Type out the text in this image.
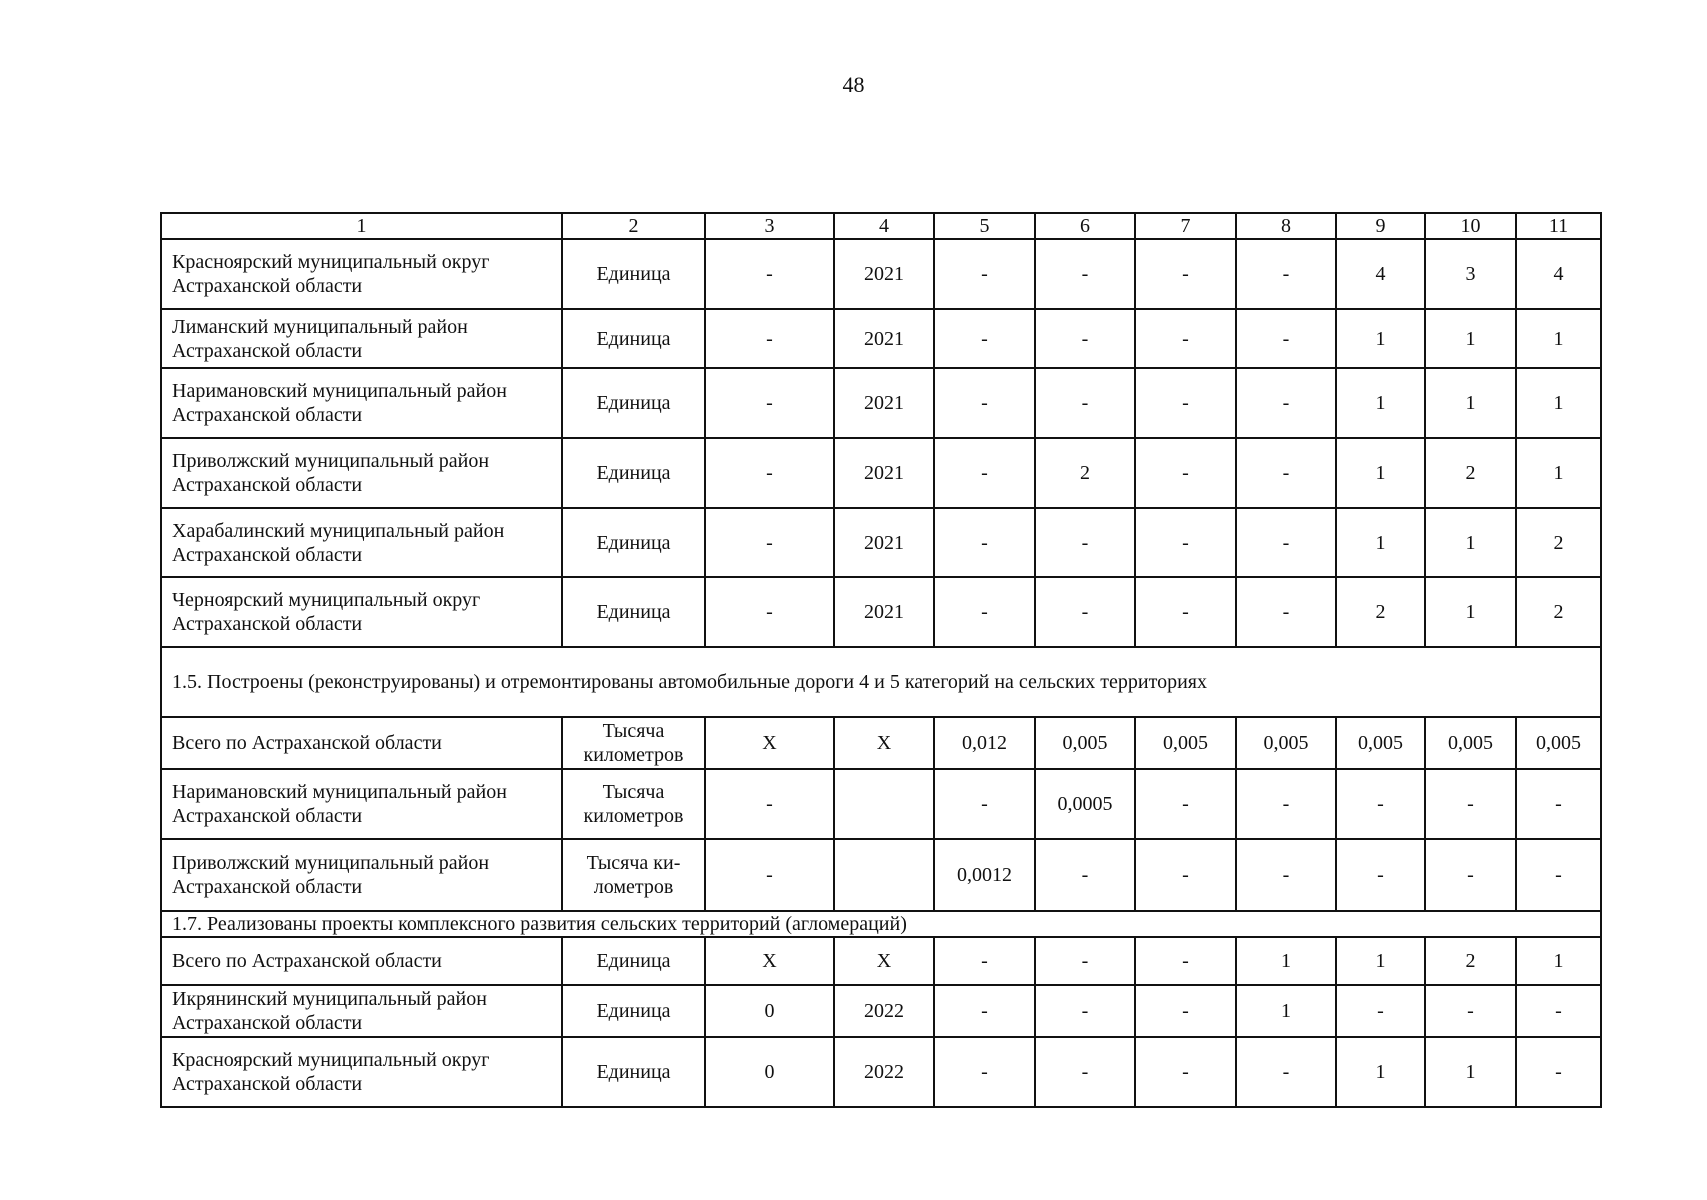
48
1	2	3	4	5	6	7	8	9	10	11
Красноярский муниципальный округ Астраханской области	Единица	-	2021	-	-	-	-	4	3	4
Лиманский муниципальный район Астраханской области	Единица	-	2021	-	-	-	-	1	1	1
Наримановский муниципальный район Астраханской области	Единица	-	2021	-	-	-	-	1	1	1
Приволжский муниципальный район Астраханской области	Единица	-	2021	-	2	-	-	1	2	1
Харабалинский муниципальный район Астраханской области	Единица	-	2021	-	-	-	-	1	1	2
Черноярский муниципальный округ Астраханской области	Единица	-	2021	-	-	-	-	2	1	2
1.5. Построены (реконструированы) и отремонтированы автомобильные дороги 4 и 5 категорий на сельских территориях										
Всего по Астраханской области	Тысяча километров	X	X	0,012	0,005	0,005	0,005	0,005	0,005	0,005
Наримановский муниципальный район Астраханской области	Тысяча километров	-		-	0,0005	-	-	-	-	-
Приволжский муниципальный район Астраханской области	Тысяча ки-лометров	-		0,0012	-	-	-	-	-	-
1.7. Реализованы проекты комплексного развития сельских территорий (агломераций)										
Всего по Астраханской области	Единица	X	X	-	-	-	1	1	2	1
Икрянинский муниципальный район Астраханской области	Единица	0	2022	-	-	-	1	-	-	-
Красноярский муниципальный округ Астраханской области	Единица	0	2022	-	-	-	-	1	1	-
